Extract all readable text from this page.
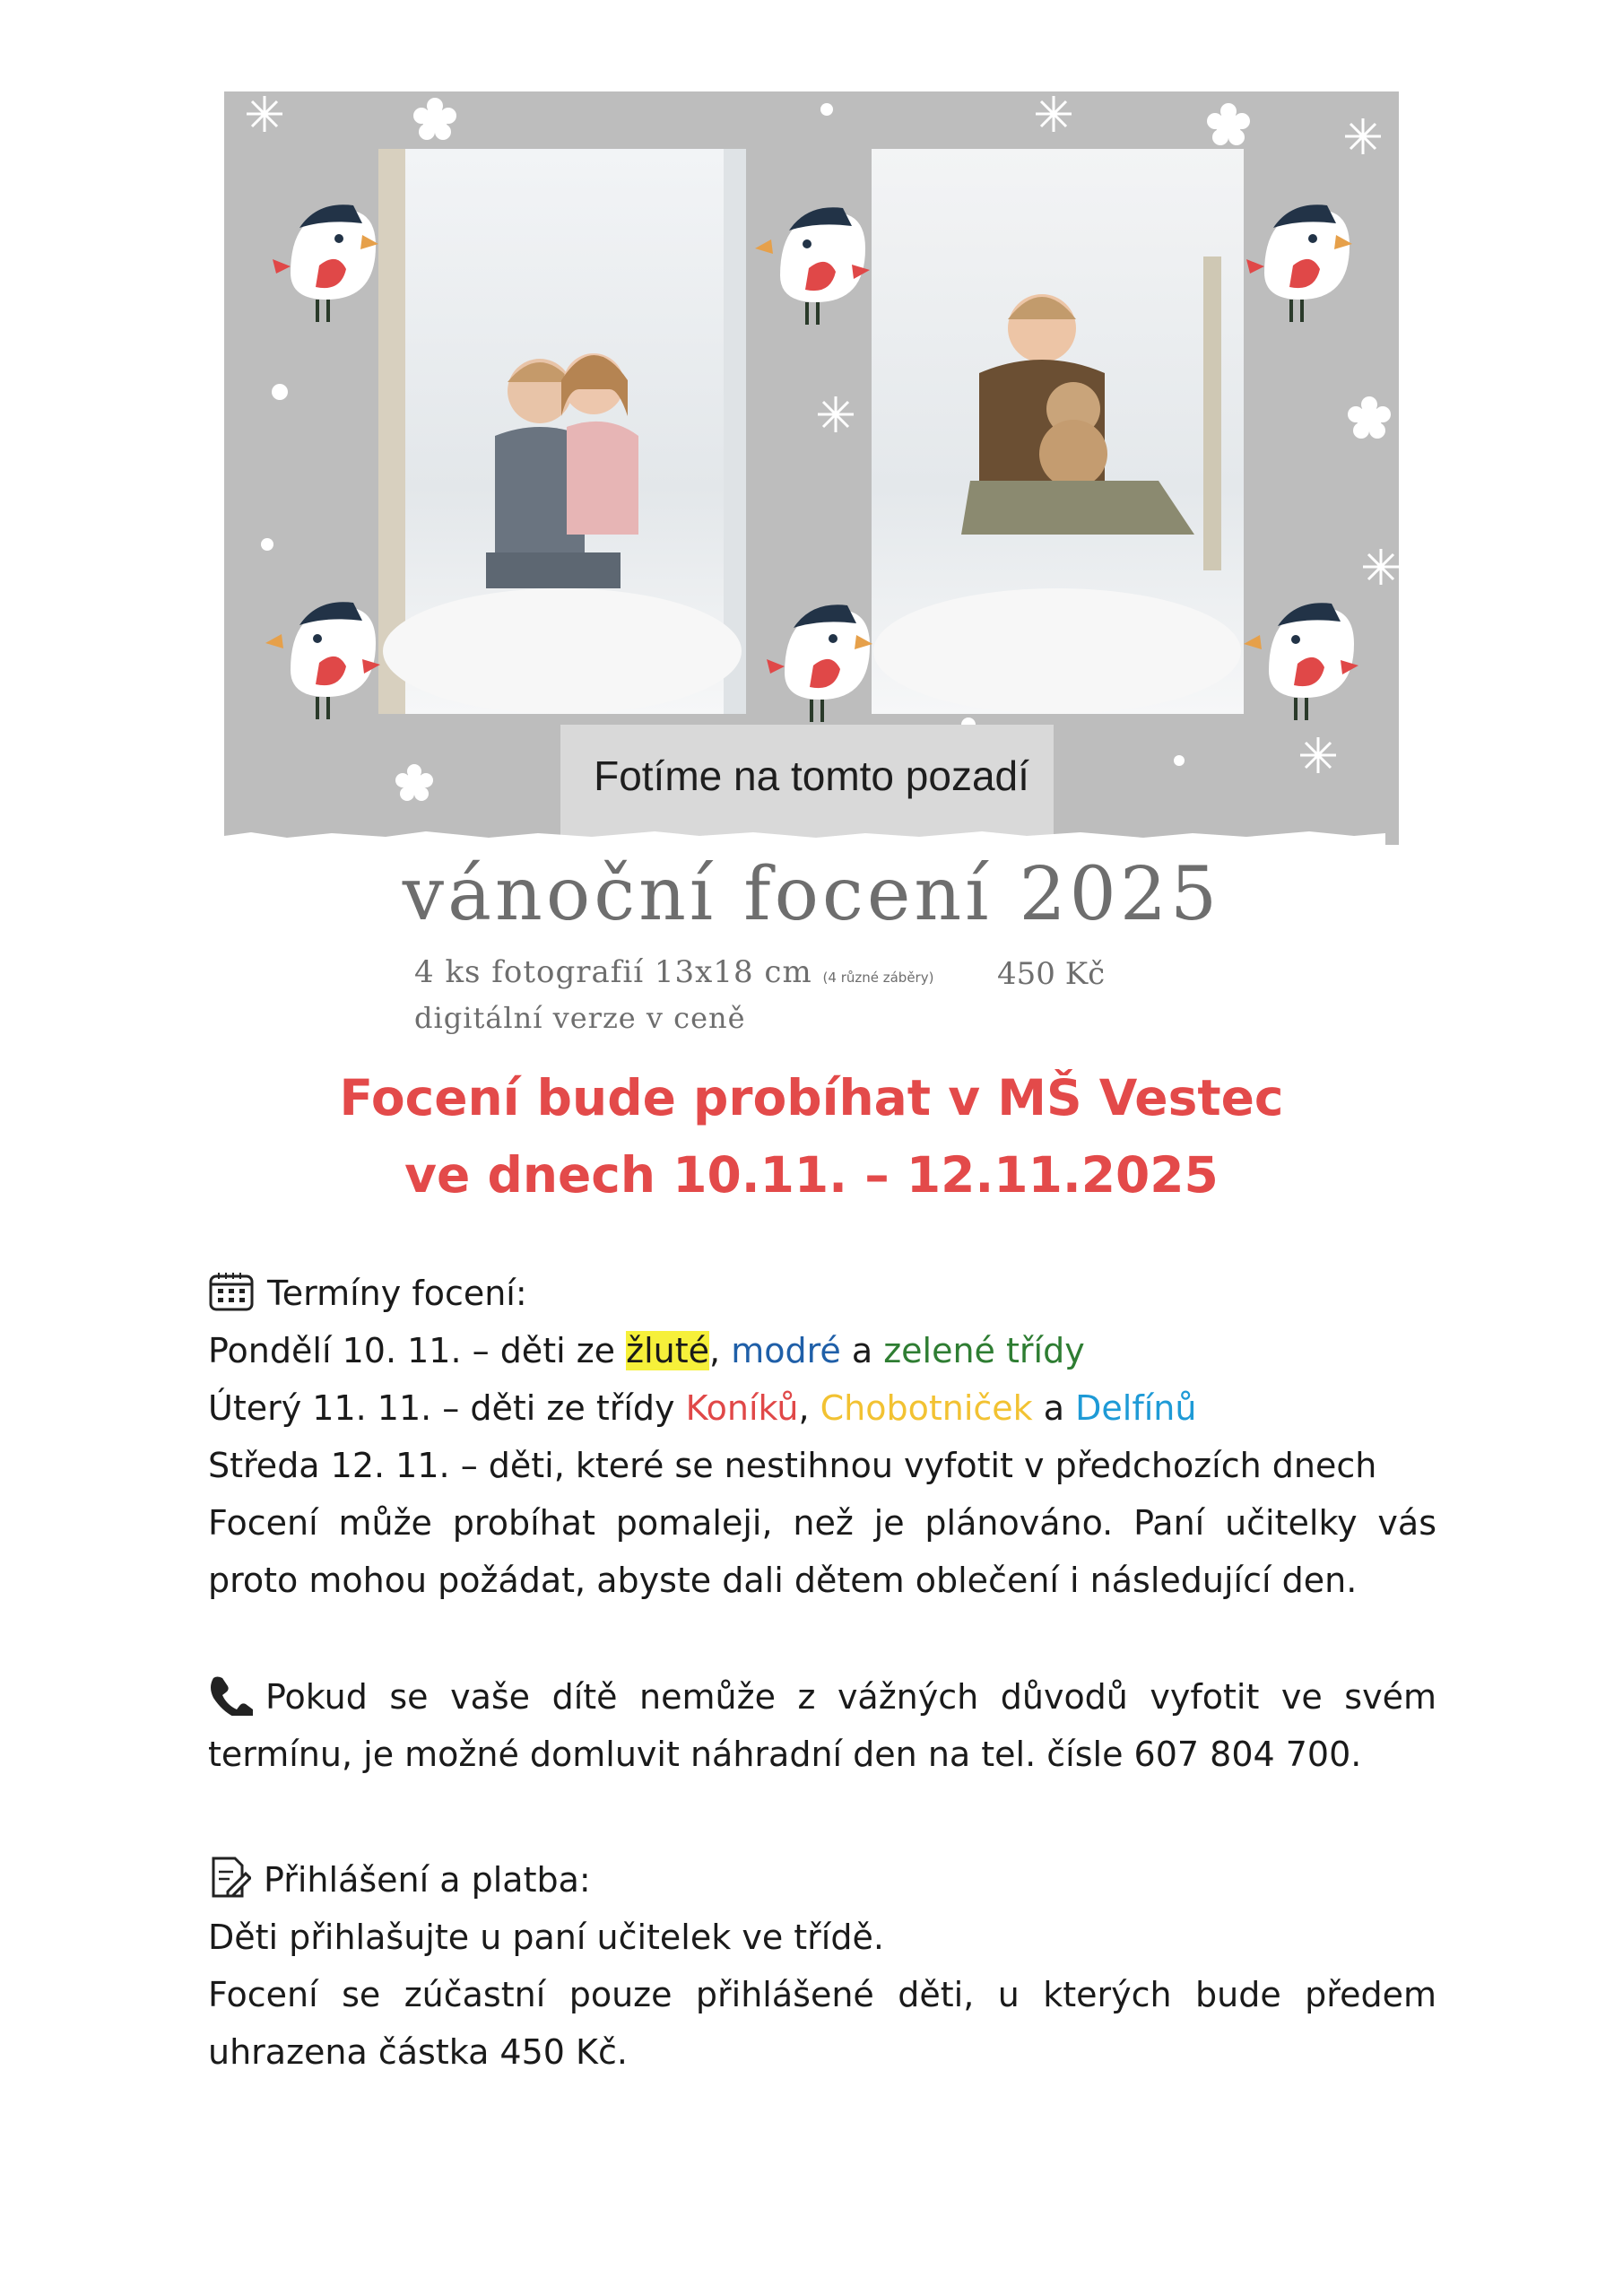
Fotíme na tomto pozadí
vánoční focení 2025
4 ks fotografií 13x18 cm (4 různé záběry) 450 Kč
digitální verze v ceně
Focení bude probíhat v MŠ Vestec
ve dnech 10.11. – 12.11.2025
Termíny focení:
Pondělí 10. 11. – děti ze žluté, modré a zelené třídy
Úterý 11. 11. – děti ze třídy Koníků, Chobotniček a Delfínů
Středa 12. 11. – děti, které se nestihnou vyfotit v předchozích dnech
Focení může probíhat pomaleji, než je plánováno. Paní učitelky vás proto mohou požádat, abyste dali dětem oblečení i následující den.
Pokud se vaše dítě nemůže z vážných důvodů vyfotit ve svém termínu, je možné domluvit náhradní den na tel. čísle 607 804 700.
Přihlášení a platba:
Děti přihlašujte u paní učitelek ve třídě.
Focení se zúčastní pouze přihlášené děti, u kterých bude předem uhrazena částka 450 Kč.
